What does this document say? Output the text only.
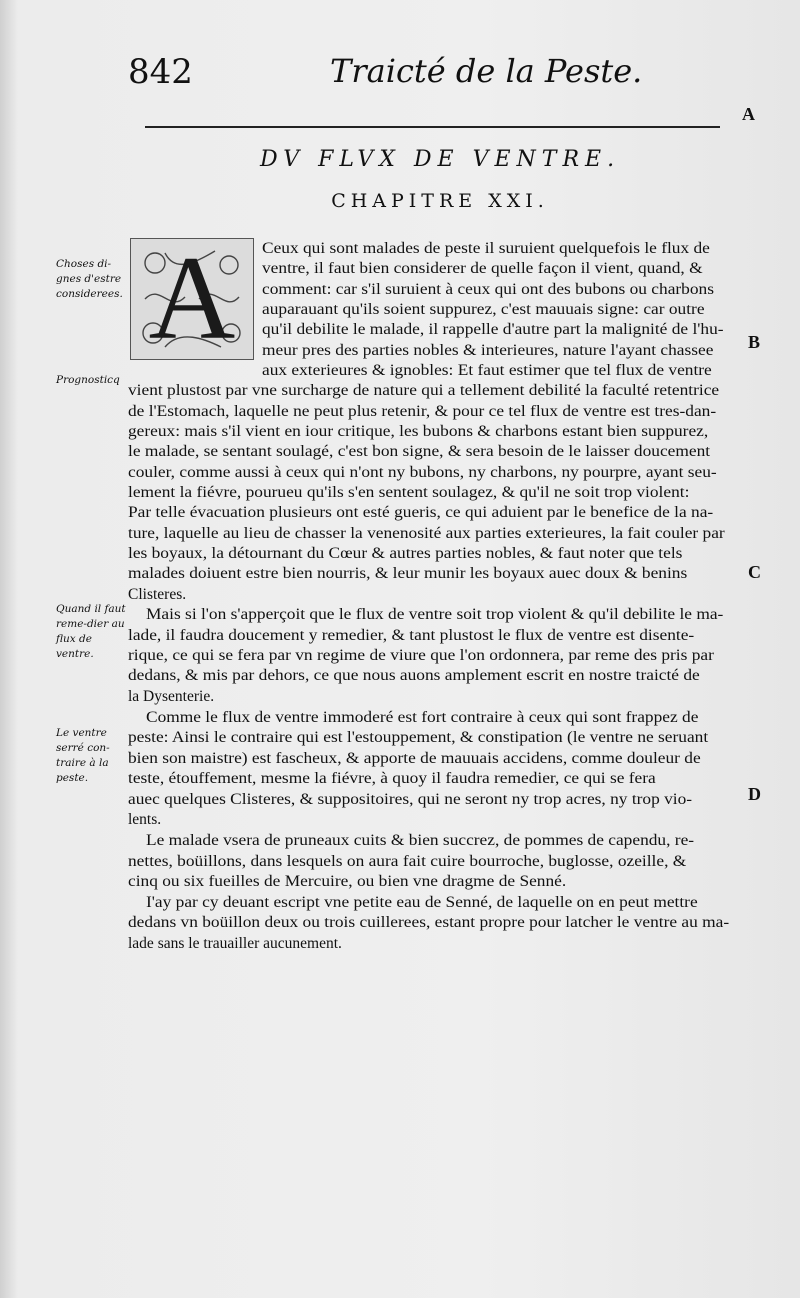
842	Traicté de la Peste.
A
B
C
D
DV FLVX DE VENTRE.
CHAPITRE XXI.
A
Choses di-gnes d'estre considerees.
Prognosticq
Quand il faut reme-dier au flux de ventre.
Le ventre serré con-traire à la peste.
Ceux qui sont malades de peste il suruient quelquefois le flux de
ventre, il faut bien considerer de quelle façon il vient, quand, &
comment: car s'il suruient à ceux qui ont des bubons ou charbons
auparauant qu'ils soient suppurez, c'est mauuais signe: car outre
qu'il debilite le malade, il rappelle d'autre part la malignité de l'hu-
meur pres des parties nobles & interieures, nature l'ayant chassee
aux exterieures & ignobles: Et faut estimer que tel flux de ventre
vient plustost par vne surcharge de nature qui a tellement debilité la faculté retentrice
de l'Estomach, laquelle ne peut plus retenir, & pour ce tel flux de ventre est tres-dan-
gereux: mais s'il vient en iour critique, les bubons & charbons estant bien suppurez,
le malade, se sentant soulagé, c'est bon signe, & sera besoin de le laisser doucement
couler, comme aussi à ceux qui n'ont ny bubons, ny charbons, ny pourpre, ayant seu-
lement la fiévre, pourueu qu'ils s'en sentent soulagez, & qu'il ne soit trop violent:
Par telle évacuation plusieurs ont esté gueris, ce qui aduient par le benefice de la na-
ture, laquelle au lieu de chasser la venenosité aux parties exterieures, la fait couler par
les boyaux, la détournant du Cœur & autres parties nobles, & faut noter que tels
malades doiuent estre bien nourris, & leur munir les boyaux auec doux & benins
Clisteres.
Mais si l'on s'apperçoit que le flux de ventre soit trop violent & qu'il debilite le ma-
lade, il faudra doucement y remedier, & tant plustost le flux de ventre est disente-
rique, ce qui se fera par vn regime de viure que l'on ordonnera, par reme des pris par
dedans, & mis par dehors, ce que nous auons amplement escrit en nostre traicté de
la Dysenterie.
Comme le flux de ventre immoderé est fort contraire à ceux qui sont frappez de
peste: Ainsi le contraire qui est l'estouppement, & constipation (le ventre ne seruant
bien son maistre) est fascheux, & apporte de mauuais accidens, comme douleur de
teste, étouffement, mesme la fiévre, à quoy il faudra remedier, ce qui se fera
auec quelques Clisteres, & suppositoires, qui ne seront ny trop acres, ny trop vio-
lents.
Le malade vsera de pruneaux cuits & bien succrez, de pommes de capendu, re-
nettes, boüillons, dans lesquels on aura fait cuire bourroche, buglosse, ozeille, &
cinq ou six fueilles de Mercuire, ou bien vne dragme de Senné.
I'ay par cy deuant escript vne petite eau de Senné, de laquelle on en peut mettre
dedans vn boüillon deux ou trois cuillerees, estant propre pour latcher le ventre au ma-
lade sans le trauailler aucunement.
